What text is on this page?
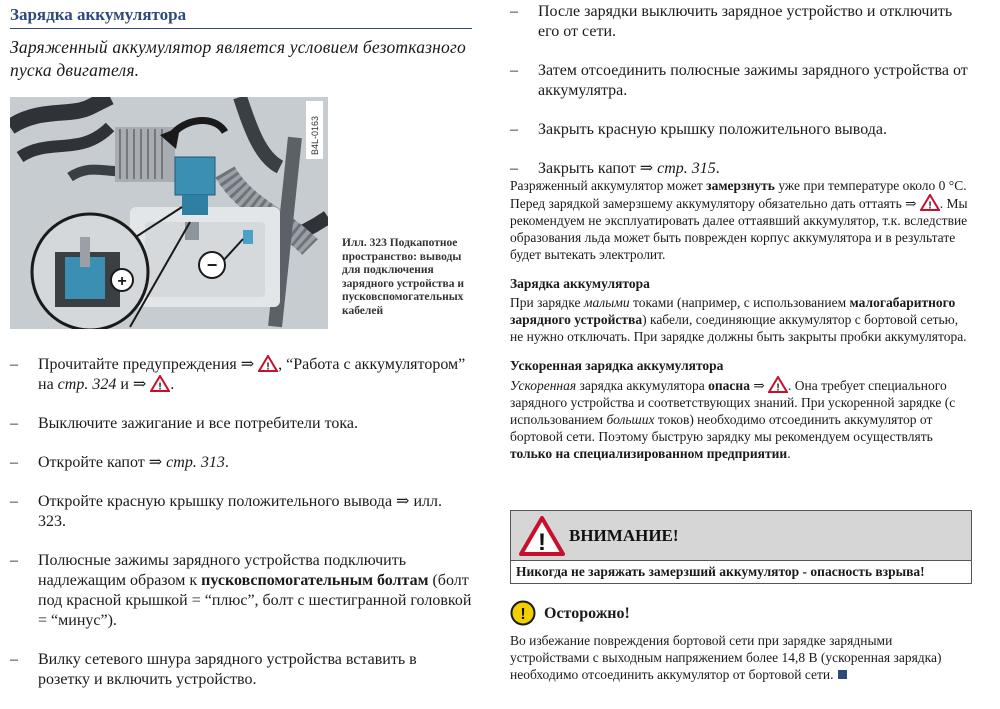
Зарядка аккумулятора

Заряженный аккумулятор является условием безотказного пуска двигателя.

+
−
B4L-0163
Илл. 323 Подкапотное пространство: выводы для подключения зарядного устройства и пусковспомогательных кабелей
– Прочитайте предупреждения ⇒ ! , “Работа с аккумулятором” на стр. 324 и ⇒ ! .
– Выключите зажигание и все потребители тока.
– Откройте капот ⇒ стр. 313.
– Откройте красную крышку положительного вывода ⇒ илл. 323.
– Полюсные зажимы зарядного устройства подключить надлежащим образом к пусковспомогательным болтам (болт под красной крышкой = “плюс”, болт с шестигранной головкой = “минус”).
– Вилку сетевого шнура зарядного устройства вставить в розетку и включить устройство.
– После зарядки выключить зарядное устройство и отключить его от сети.
– Затем отсоединить полюсные зажимы зарядного устройства от аккумулятра.
– Закрыть красную крышку положительного вывода.
– Закрыть капот ⇒ стр. 315.

Разряженный аккумулятор может замерзнуть уже при температуре около 0 °C. Перед зарядкой замерзшему аккумулятору обязательно дать оттаять ⇒ ! . Мы рекомендуем не эксплуатировать далее оттаявший аккумулятор, т.к. вследствие образования льда может быть поврежден корпус аккумулятора и в результате будет вытекать электролит.

Зарядка аккумулятора

При зарядке малыми токами (например, с использованием малогабаритного зарядного устройства) кабели, соединяющие аккумулятор с бортовой сетью, не нужно отключать. При зарядке должны быть закрыты пробки аккумулятора.

Ускоренная зарядка аккумулятора

Ускоренная зарядка аккумулятора опасна ⇒ ! . Она требует специального зарядного устройства и соответствующих знаний. При ускоренной зарядке (с использованием больших токов) необходимо отсоединить аккумулятор от бортовой сети. Поэтому быструю зарядку мы рекомендуем осуществлять только на специализированном предприятии.

! ВНИМАНИЕ!
Никогда не заряжать замерзший аккумулятор - опасность взрыва!
! Осторожно!
Во избежание повреждения бортовой сети при зарядке зарядными устройствами с выходным напряжением более 14,8 В (ускоренная зарядка) необходимо отсоединить аккумулятор от бортовой сети.
